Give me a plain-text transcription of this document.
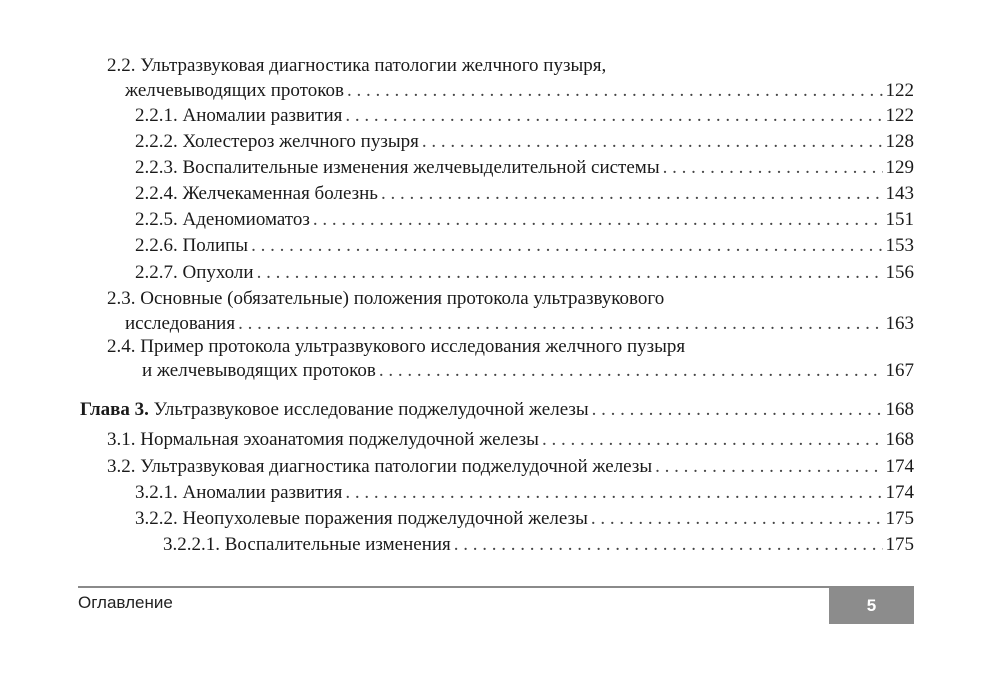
2.2. Ультразвуковая диагностика патологии желчного пузыря,
желчевыводящих протоков . . .	122
2.2.1. Аномалии развития . . .	122
2.2.2. Холестероз желчного пузыря . . .	128
2.2.3. Воспалительные изменения желчевыделительной системы . . .	129
2.2.4. Желчекаменная болезнь . . .	143
2.2.5. Аденомиоматоз . . .	151
2.2.6. Полипы . . .	153
2.2.7. Опухоли . . .	156
2.3. Основные (обязательные) положения протокола ультразвукового
исследования . . .	163
2.4. Пример протокола ультразвукового исследования желчного пузыря
и желчевыводящих протоков . . .	167
Глава 3. Ультразвуковое исследование поджелудочной железы . . .	168
3.1. Нормальная эхоанатомия поджелудочной железы . . .	168
3.2. Ультразвуковая диагностика патологии поджелудочной железы . . .	174
3.2.1. Аномалии развития . . .	174
3.2.2. Неопухолевые поражения поджелудочной железы . . .	175
3.2.2.1. Воспалительные изменения . . .	175
Оглавление	5
